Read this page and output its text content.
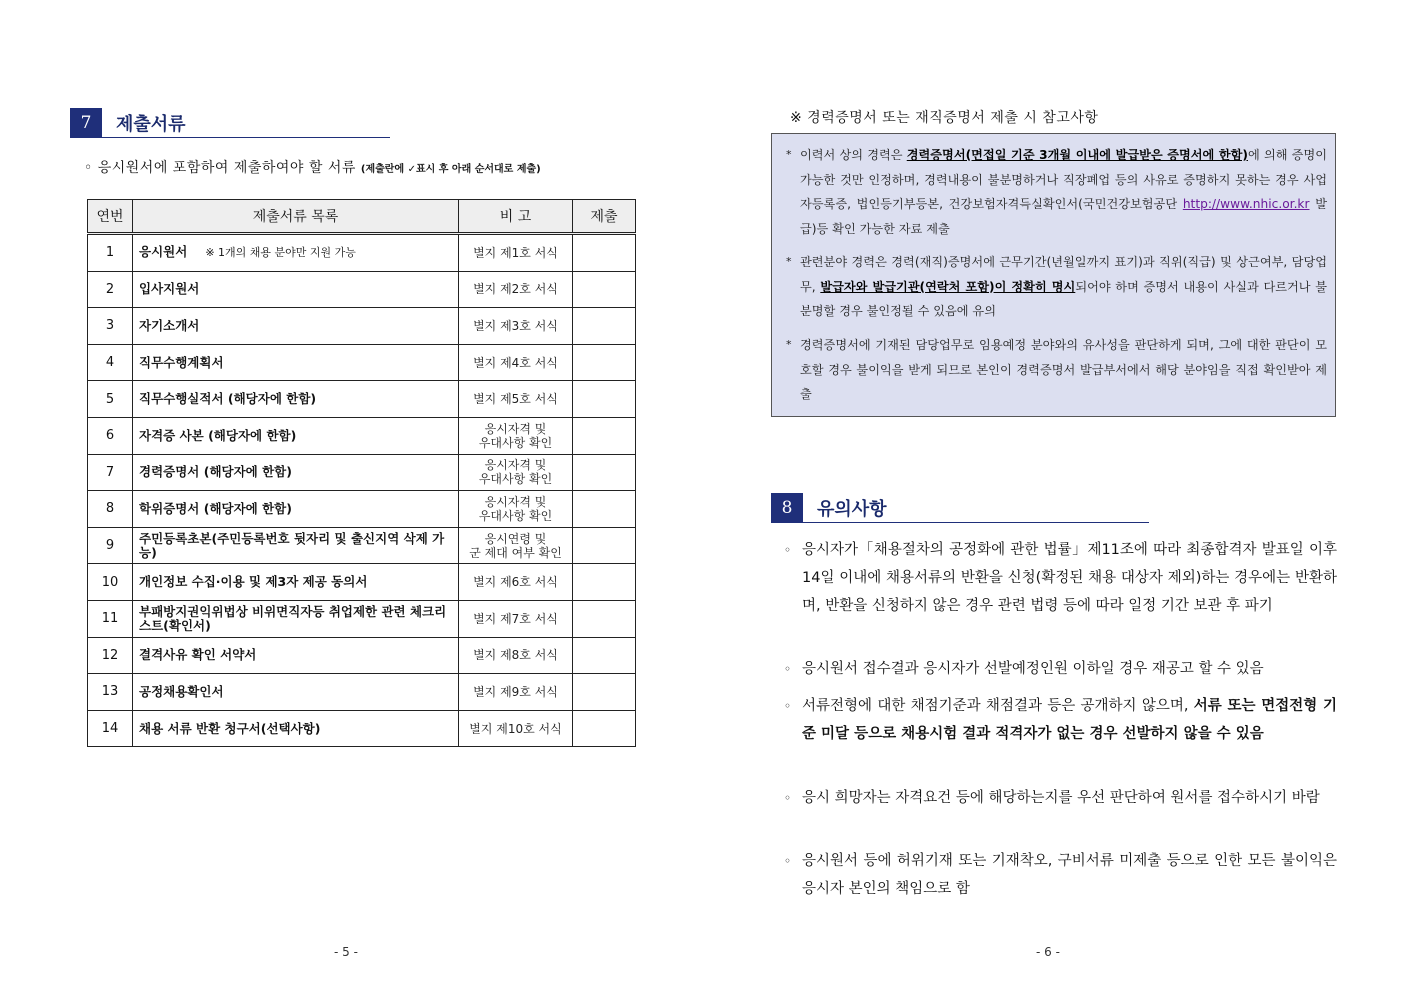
7	제출서류
◦ 응시원서에 포함하여 제출하여야 할 서류 (제출란에 ✓표시 후 아래 순서대로 제출)
연번	제출서류 목록	비 고	제출
1	응시원서 ※ 1개의 채용 분야만 지원 가능	별지 제1호 서식	
2	입사지원서	별지 제2호 서식	
3	자기소개서	별지 제3호 서식	
4	직무수행계획서	별지 제4호 서식	
5	직무수행실적서 (해당자에 한함)	별지 제5호 서식	
6	자격증 사본 (해당자에 한함)	응시자격 및
우대사항 확인	
7	경력증명서 (해당자에 한함)	응시자격 및
우대사항 확인	
8	학위증명서 (해당자에 한함)	응시자격 및
우대사항 확인	
9	주민등록초본(주민등록번호 뒷자리 및 출신지역 삭제 가능)	응시연령 및
군 제대 여부 확인	
10	개인정보 수집·이용 및 제3자 제공 동의서	별지 제6호 서식	
11	부패방지권익위법상 비위면직자등 취업제한 관련 체크리스트(확인서)	별지 제7호 서식	
12	결격사유 확인 서약서	별지 제8호 서식	
13	공정채용확인서	별지 제9호 서식	
14	채용 서류 반환 청구서(선택사항)	별지 제10호 서식	
- 5 -
※ 경력증명서 또는 재직증명서 제출 시 참고사항
* 이력서 상의 경력은 경력증명서(면접일 기준 3개월 이내에 발급받은 증명서에 한함)에 의해 증명이 가능한 것만 인정하며, 경력내용이 불분명하거나 직장폐업 등의 사유로 증명하지 못하는 경우 사업자등록증, 법인등기부등본, 건강보험자격득실확인서(국민건강보험공단 http://www.nhic.or.kr 발급)등 확인 가능한 자료 제출
* 관련분야 경력은 경력(재직)증명서에 근무기간(년월일까지 표기)과 직위(직급) 및 상근여부, 담당업무, 발급자와 발급기관(연락처 포함)이 정확히 명시되어야 하며 증명서 내용이 사실과 다르거나 불분명할 경우 불인정될 수 있음에 유의
* 경력증명서에 기재된 담당업무로 임용예정 분야와의 유사성을 판단하게 되며, 그에 대한 판단이 모호할 경우 불이익을 받게 되므로 본인이 경력증명서 발급부서에서 해당 분야임을 직접 확인받아 제출
8	유의사항
◦ 응시자가「채용절차의 공정화에 관한 법률」제11조에 따라 최종합격자 발표일 이후 14일 이내에 채용서류의 반환을 신청(확정된 채용 대상자 제외)하는 경우에는 반환하며, 반환을 신청하지 않은 경우 관련 법령 등에 따라 일정 기간 보관 후 파기
◦ 응시원서 접수결과 응시자가 선발예정인원 이하일 경우 재공고 할 수 있음
◦ 서류전형에 대한 채점기준과 채점결과 등은 공개하지 않으며, 서류 또는 면접전형 기준 미달 등으로 채용시험 결과 적격자가 없는 경우 선발하지 않을 수 있음
◦ 응시 희망자는 자격요건 등에 해당하는지를 우선 판단하여 원서를 접수하시기 바람
◦ 응시원서 등에 허위기재 또는 기재착오, 구비서류 미제출 등으로 인한 모든 불이익은 응시자 본인의 책임으로 함
- 6 -
